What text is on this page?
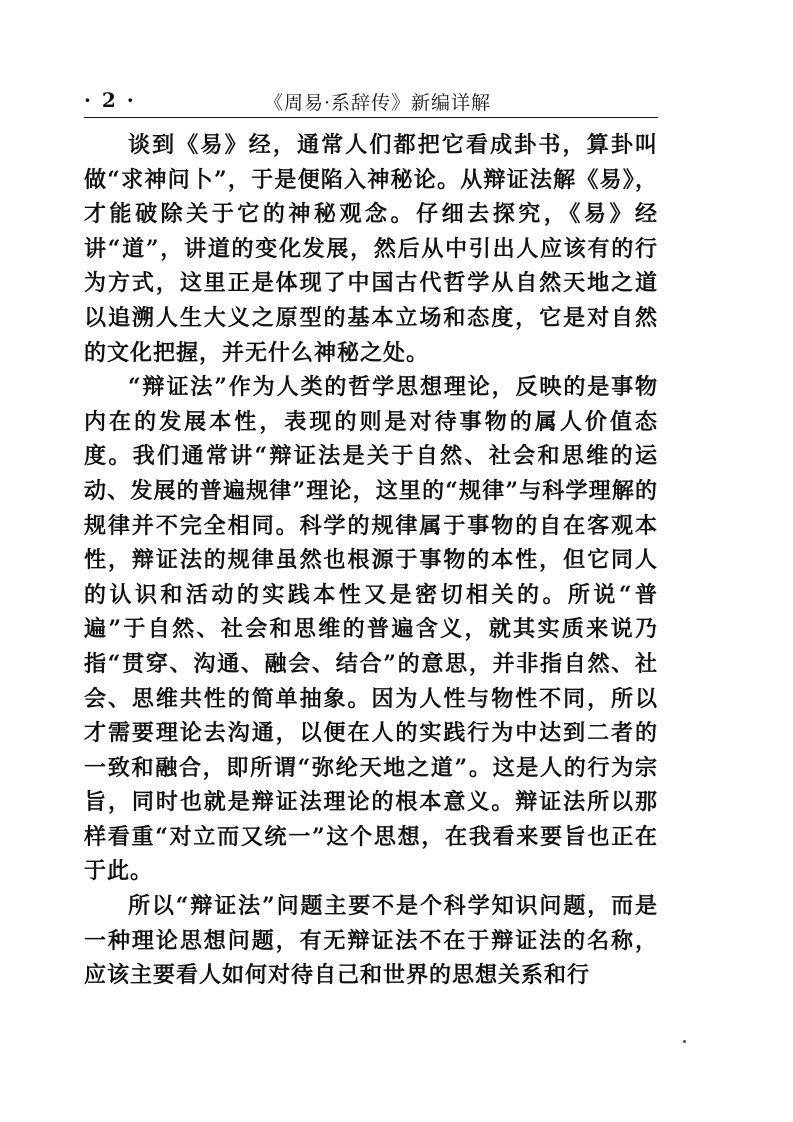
· 2 ·	《周易·系辞传》新编详解

谈到《易》经，通常人们都把它看成卦书，算卦叫做“求神问卜”，于是便陷入神秘论。从辩证法解《易》，才能破除关于它的神秘观念。仔细去探究，《易》经讲“道”，讲道的变化发展，然后从中引出人应该有的行为方式，这里正是体现了中国古代哲学从自然天地之道以追溯人生大义之原型的基本立场和态度，它是对自然的文化把握，并无什么神秘之处。

“辩证法”作为人类的哲学思想理论，反映的是事物内在的发展本性，表现的则是对待事物的属人价值态度。我们通常讲“辩证法是关于自然、社会和思维的运动、发展的普遍规律”理论，这里的“规律”与科学理解的规律并不完全相同。科学的规律属于事物的自在客观本性，辩证法的规律虽然也根源于事物的本性，但它同人的认识和活动的实践本性又是密切相关的。所说“普遍”于自然、社会和思维的普遍含义，就其实质来说乃指“贯穿、沟通、融会、结合”的意思，并非指自然、社会、思维共性的简单抽象。因为人性与物性不同，所以才需要理论去沟通，以便在人的实践行为中达到二者的一致和融合，即所谓“弥纶天地之道”。这是人的行为宗旨，同时也就是辩证法理论的根本意义。辩证法所以那样看重“对立而又统一”这个思想，在我看来要旨也正在于此。

所以“辩证法”问题主要不是个科学知识问题，而是一种理论思想问题，有无辩证法不在于辩证法的名称，应该主要看人如何对待自己和世界的思想关系和行
